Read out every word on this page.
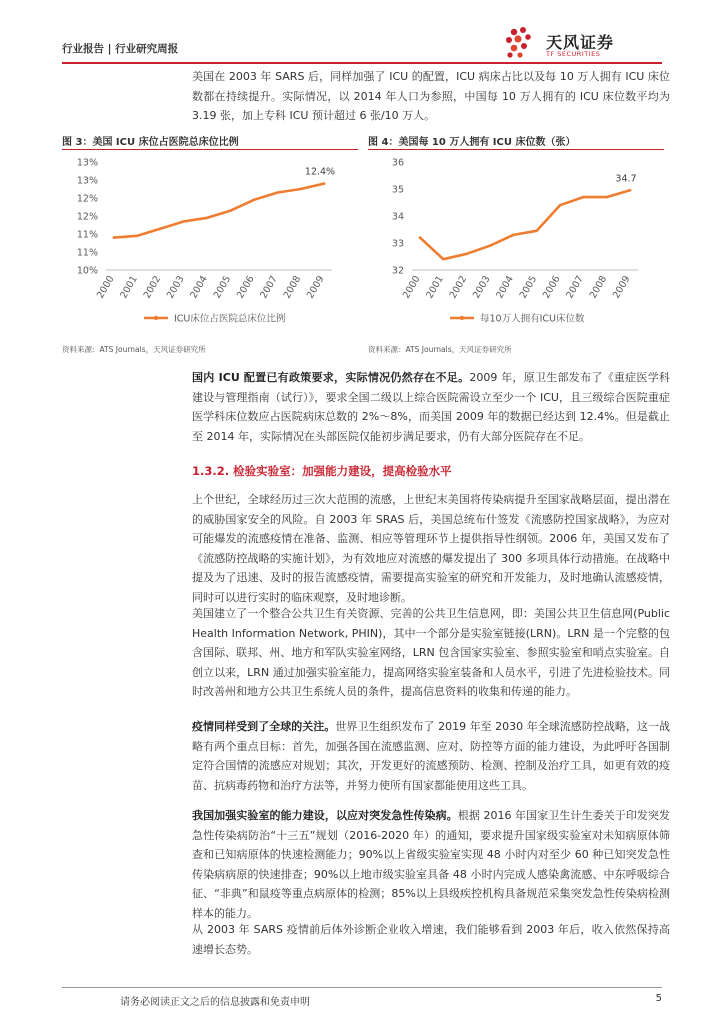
行业报告 | 行业研究周报	天风证券
TF SECURITIES
美国在 2003 年 SARS 后，同样加强了 ICU 的配置，ICU 病床占比以及每 10 万人拥有 ICU 床位数都在持续提升。实际情况，以 2014 年人口为参照，中国每 10 万人拥有的 ICU 床位数平均为 3.19 张，加上专科 ICU 预计超过 6 张/10 万人。
图 3：美国 ICU 床位占医院总床位比例
10%
11%
11%
12%
12%
13%
13%
2000 2001 2002 2003 2004 2005 2006 2007 2008 2009
12.4%
ICU床位占医院总床位比例
资料来源：ATS Journals，天风证券研究所
图 4：美国每 10 万人拥有 ICU 床位数（张）
32
33
34
35
36
2000 2001 2002 2003 2004 2005 2006 2007 2008 2009
34.7
每10万人拥有ICU床位数
资料来源：ATS Journals，天风证券研究所
国内 ICU 配置已有政策要求，实际情况仍然存在不足。2009 年，原卫生部发布了《重症医学科建设与管理指南（试行）》，要求全国二级以上综合医院需设立至少一个 ICU，且三级综合医院重症医学科床位数应占医院病床总数的 2%～8%，而美国 2009 年的数据已经达到 12.4%。但是截止至 2014 年，实际情况在头部医院仅能初步满足要求，仍有大部分医院存在不足。
1.3.2. 检验实验室：加强能力建设，提高检验水平
上个世纪，全球经历过三次大范围的流感，上世纪末美国将传染病提升至国家战略层面，提出潜在的威胁国家安全的风险。自 2003 年 SRAS 后，美国总统布什签发《流感防控国家战略》，为应对可能爆发的流感疫情在准备、监测、相应等管理环节上提供指导性纲领。2006 年，美国又发布了《流感防控战略的实施计划》，为有效地应对流感的爆发提出了 300 多项具体行动措施。在战略中提及为了迅速、及时的报告流感疫情，需要提高实验室的研究和开发能力，及时地确认流感疫情，同时可以进行实时的临床观察，及时地诊断。
美国建立了一个整合公共卫生有关资源、完善的公共卫生信息网，即：美国公共卫生信息网(Public Health Information Network, PHIN)，其中一个部分是实验室链接(LRN)。LRN 是一个完整的包含国际、联邦、州、地方和军队实验室网络，LRN 包含国家实验室、参照实验室和哨点实验室。自创立以来，LRN 通过加强实验室能力，提高网络实验室装备和人员水平，引进了先进检验技术。同时改善州和地方公共卫生系统人员的条件，提高信息资料的收集和传递的能力。
疫情同样受到了全球的关注。世界卫生组织发布了 2019 年至 2030 年全球流感防控战略，这一战略有两个重点目标：首先，加强各国在流感监测、应对、防控等方面的能力建设，为此呼吁各国制定符合国情的流感应对规划；其次，开发更好的流感预防、检测、控制及治疗工具，如更有效的疫苗、抗病毒药物和治疗方法等，并努力使所有国家都能使用这些工具。
我国加强实验室的能力建设，以应对突发急性传染病。根据 2016 年国家卫生计生委关于印发突发急性传染病防治“十三五”规划（2016-2020 年）的通知，要求提升国家级实验室对未知病原体筛查和已知病原体的快速检测能力；90%以上省级实验室实现 48 小时内对至少 60 种已知突发急性传染病病原的快速排查；90%以上地市级实验室具备 48 小时内完成人感染禽流感、中东呼吸综合征、“非典”和鼠疫等重点病原体的检测；85%以上县级疾控机构具备规范采集突发急性传染病检测样本的能力。
从 2003 年 SARS 疫情前后体外诊断企业收入增速，我们能够看到 2003 年后，收入依然保持高速增长态势。
请务必阅读正文之后的信息披露和免责申明	5
